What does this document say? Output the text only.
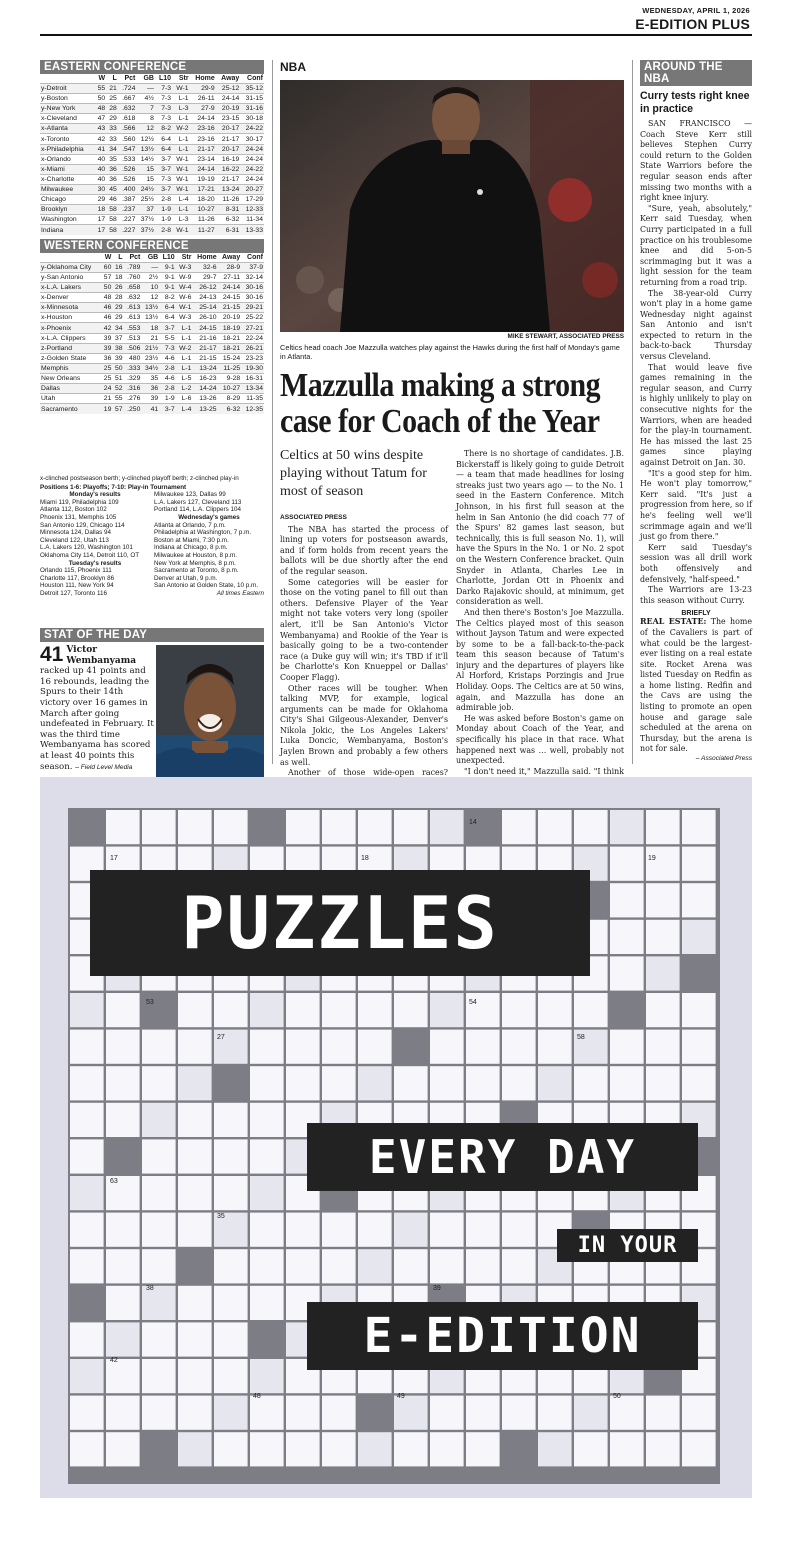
WEDNESDAY, APRIL 1, 2026
E-EDITION PLUS
EASTERN CONFERENCE
	W	L	Pct	GB	L10	Str	Home	Away	Conf
y-Detroit	55	21	.724	—	7-3	W-1	29-9	25-12	35-12
y-Boston	50	25	.667	4½	7-3	L-1	26-11	24-14	31-15
y-New York	48	28	.632	7	7-3	L-3	27-9	20-19	31-16
x-Cleveland	47	29	.618	8	7-3	L-1	24-14	23-15	30-18
x-Atlanta	43	33	.566	12	8-2	W-2	23-16	20-17	24-22
x-Toronto	42	33	.560	12½	6-4	L-1	23-16	21-17	30-17
x-Philadelphia	41	34	.547	13½	6-4	L-1	21-17	20-17	24-24
x-Orlando	40	35	.533	14½	3-7	W-1	23-14	16-19	24-24
x-Miami	40	36	.526	15	3-7	W-1	24-14	16-22	24-22
x-Charlotte	40	36	.526	15	7-3	W-1	19-19	21-17	24-24
Milwaukee	30	45	.400	24½	3-7	W-1	17-21	13-24	20-27
Chicago	29	46	.387	25½	2-8	L-4	18-20	11-26	17-29
Brooklyn	18	58	.237	37	1-9	L-1	10-27	8-31	12-33
Washington	17	58	.227	37½	1-9	L-3	11-26	6-32	11-34
Indiana	17	58	.227	37½	2-8	W-1	11-27	6-31	13-33
WESTERN CONFERENCE
	W	L	Pct	GB	L10	Str	Home	Away	Conf
y-Oklahoma City	60	16	.789	—	9-1	W-3	32-6	28-9	37-9
y-San Antonio	57	18	.760	2½	9-1	W-9	29-7	27-11	32-14
x-L.A. Lakers	50	26	.658	10	9-1	W-4	26-12	24-14	30-16
x-Denver	48	28	.632	12	8-2	W-6	24-13	24-15	30-16
x-Minnesota	46	29	.613	13½	6-4	W-1	25-14	21-15	29-21
x-Houston	46	29	.613	13½	6-4	W-3	26-10	20-19	25-22
x-Phoenix	42	34	.553	18	3-7	L-1	24-15	18-19	27-21
x-L.A. Clippers	39	37	.513	21	5-5	L-1	21-16	18-21	22-24
z-Portland	39	38	.506	21½	7-3	W-2	21-17	18-21	26-21
z-Golden State	36	39	480	23½	4-6	L-1	21-15	15-24	23-23
Memphis	25	50	.333	34½	2-8	L-1	13-24	11-25	19-30
New Orleans	25	51	.329	35	4-6	L-5	16-23	9-28	16-31
Dallas	24	52	.316	36	2-8	L-2	14-24	10-27	13-34
Utah	21	55	.276	39	1-9	L-6	13-26	8-29	11-35
Sacramento	19	57	.250	41	3-7	L-4	13-25	6-32	12-35
x-clinched postseason berth; y-clinched playoff berth; z-clinched play-in
Positions 1-6: Playoffs; 7-10: Play-in Tournament
Monday's results
Miami 119, Philadelphia 109
Atlanta 112, Boston 102
Phoenix 131, Memphis 105
San Antonio 129, Chicago 114
Minnesota 124, Dallas 94
Cleveland 122, Utah 113
L.A. Lakers 120, Washington 101
Oklahoma City 114, Detroit 110, OT
Tuesday's results
Orlando 115, Phoenix 111
Charlotte 117, Brooklyn 86
Houston 111, New York 94
Detroit 127, Toronto 116
Milwaukee 123, Dallas 99
L.A. Lakers 127, Cleveland 113
Portland 114, L.A. Clippers 104
Wednesday's games
Atlanta at Orlando, 7 p.m.
Philadelphia at Washington, 7 p.m.
Boston at Miami, 7:30 p.m.
Indiana at Chicago, 8 p.m.
Milwaukee at Houston, 8 p.m.
New York at Memphis, 8 p.m.
Sacramento at Toronto, 8 p.m.
Denver at Utah, 9 p.m.
San Antonio at Golden State, 10 p.m.
All times Eastern
STAT OF THE DAY
41 Victor Wembanyama racked up 41 points and 16 rebounds, leading the Spurs to their 14th victory over 16 games in March after going undefeated in February. It was the third time Wembanyama has scored at least 40 points this season. – Field Level Media
NBA
MIKE STEWART, ASSOCIATED PRESS
Celtics head coach Joe Mazzulla watches play against the Hawks during the first half of Monday's game in Atlanta.
Mazzulla making a strong case for Coach of the Year
Celtics at 50 wins despite playing without Tatum for most of season
ASSOCIATED PRESS

The NBA has started the process of lining up voters for postseason awards, and if form holds from recent years the ballots will be due shortly after the end of the regular season.

Some categories will be easier for those on the voting panel to fill out than others. Defensive Player of the Year might not take voters very long (spoiler alert, it'll be San Antonio's Victor Wembanyama) and Rookie of the Year is basically going to be a two-contender race (a Duke guy will win; it's TBD if it'll be Charlotte's Kon Knueppel or Dallas' Cooper Flagg).

Other races will be tougher. When talking MVP, for example, logical arguments can be made for Oklahoma City's Shai Gilgeous-Alexander, Denver's Nikola Jokic, the Los Angeles Lakers' Luka Doncic, Wembanyama, Boston's Jaylen Brown and probably a few others as well.

Another of those wide-open races?

There is no shortage of candidates. J.B. Bickerstaff is likely going to guide Detroit — a team that made headlines for losing streaks just two years ago — to the No. 1 seed in the Eastern Conference. Mitch Johnson, in his first full season at the helm in San Antonio (he did coach 77 of the Spurs' 82 games last season, but technically, this is full season No. 1), will have the Spurs in the No. 1 or No. 2 spot on the Western Conference bracket. Quin Snyder in Atlanta, Charles Lee in Charlotte, Jordan Ott in Phoenix and Darko Rajakovic should, at minimum, get consideration as well.

And then there's Boston's Joe Mazzulla. The Celtics played most of this season without Jayson Tatum and were expected by some to be a fall-back-to-the-pack team this season because of Tatum's injury and the departures of players like Al Horford, Kristaps Porzingis and Jrue Holiday. Oops. The Celtics are at 50 wins, again, and Mazzulla has done an admirable job.

He was asked before Boston's game on Monday about Coach of the Year, and specifically his place in that race. What happened next was … well, probably not unexpected.

"I don't need it," Mazzulla said. "I think

AROUND THE NBA
Curry tests right knee in practice

SAN FRANCISCO — Coach Steve Kerr still believes Stephen Curry could return to the Golden State Warriors before the regular season ends after missing two months with a right knee injury.

"Sure, yeah, absolutely," Kerr said Tuesday, when Curry participated in a full practice on his troublesome knee and did 5-on-5 scrimmaging but it was a light session for the team returning from a road trip.

The 38-year-old Curry won't play in a home game Wednesday night against San Antonio and isn't expected to return in the back-to-back Thursday versus Cleveland.

That would leave five games remaining in the regular season, and Curry is highly unlikely to play on consecutive nights for the Warriors, when are headed for the play-in tournament. He has missed the last 25 games since playing against Detroit on Jan. 30.

"It's a good step for him. He won't play tomorrow," Kerr said. "It's just a progression from here, so if he's feeling well we'll scrimmage again and we'll just go from there."

Kerr said Tuesday's session was all drill work both offensively and defensively, "half-speed."

The Warriors are 13-23 this season without Curry.

BRIEFLY
REAL ESTATE: The home of the Cavaliers is part of what could be the largest-ever listing on a real estate site. Rocket Arena was listed Tuesday on Redfin as a home listing. Redfin and the Cavs are using the listing to promote an open house and garage sale scheduled at the arena on Thursday, but the arena is not for sale.
– Associated Press
14
17	18	19
53	54
27	58
63
35
38	39
42
48	49	50
PUZZLES
EVERY DAY
IN YOUR
E-EDITION
